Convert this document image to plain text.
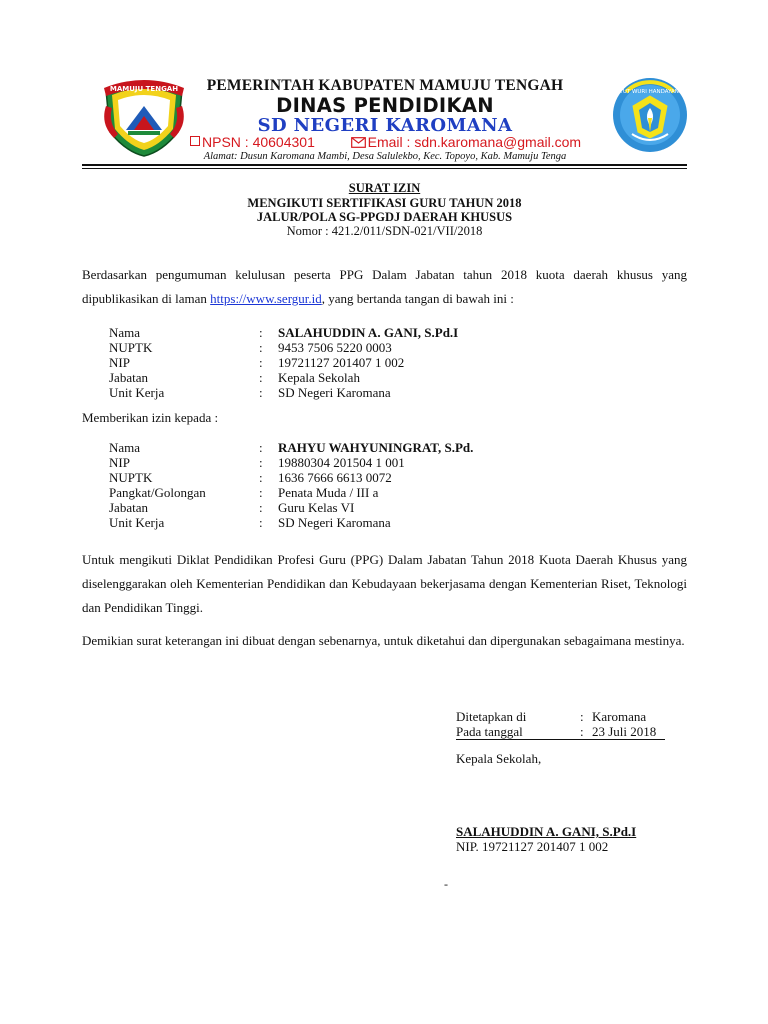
MAMUJU TENGAH	TUT WURI HANDAYANI
PEMERINTAH KABUPATEN MAMUJU TENGAH
DINAS PENDIDIKAN
SD NEGERI KAROMANA
NPSN : 40604301	Email : sdn.karomana@gmail.com
Alamat: Dusun Karomana Mambi, Desa Salulekbo, Kec. Topoyo, Kab. Mamuju Tenga
SURAT IZIN
MENGIKUTI SERTIFIKASI GURU TAHUN 2018
JALUR/POLA SG-PPGDJ DAERAH KHUSUS
Nomor : 421.2/011/SDN-021/VII/2018
Berdasarkan pengumuman kelulusan peserta PPG Dalam Jabatan tahun 2018 kuota daerah khusus yang dipublikasikan di laman https://www.sergur.id, yang bertanda tangan di bawah ini :
Nama	: SALAHUDDIN A. GANI, S.Pd.I
NUPTK	: 9453 7506 5220 0003
NIP	: 19721127 201407 1 002
Jabatan	: Kepala Sekolah
Unit Kerja	: SD Negeri Karomana
Memberikan izin kepada :
Nama	: RAHYU WAHYUNINGRAT, S.Pd.
NIP	: 19880304 201504 1 001
NUPTK	: 1636 7666 6613 0072
Pangkat/Golongan	: Penata Muda / III a
Jabatan	: Guru Kelas VI
Unit Kerja	: SD Negeri Karomana
Untuk mengikuti Diklat Pendidikan Profesi Guru (PPG) Dalam Jabatan Tahun 2018 Kuota Daerah Khusus yang diselenggarakan oleh Kementerian Pendidikan dan Kebudayaan bekerjasama dengan Kementerian Riset, Teknologi dan Pendidikan Tinggi.
Demikian surat keterangan ini dibuat dengan sebenarnya, untuk diketahui dan dipergunakan sebagaimana mestinya.
Ditetapkan di	: Karomana
Pada tanggal	: 23 Juli 2018
Kepala Sekolah,
SALAHUDDIN A. GANI, S.Pd.I
NIP. 19721127 201407 1 002
-
